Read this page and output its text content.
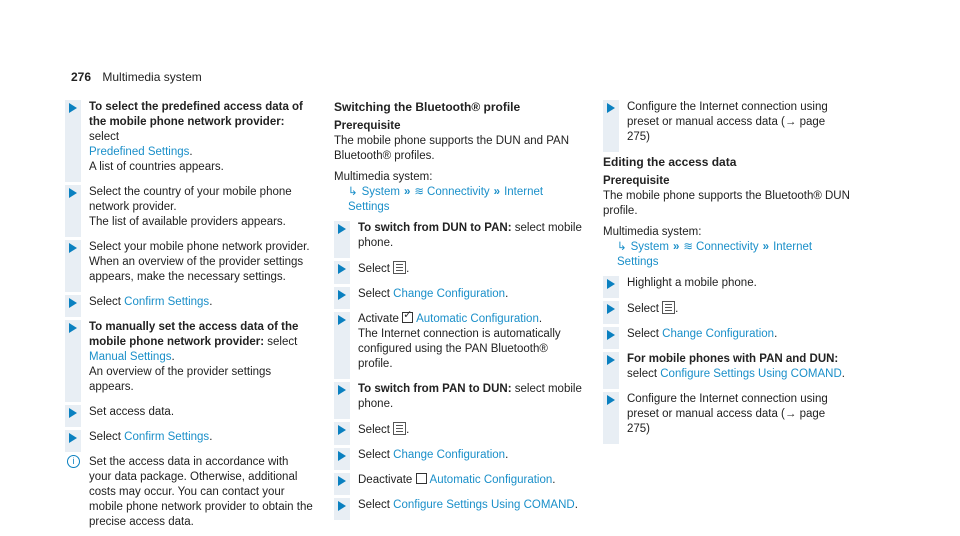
276 Multimedia system
To select the predefined access data of the mobile phone network provider: select
Predefined Settings.
A list of countries appears.
Select the country of your mobile phone network provider.
The list of available providers appears.
Select your mobile phone network provider. When an overview of the provider settings appears, make the necessary settings.
Select Confirm Settings.
To manually set the access data of the mobile phone network provider: select
Manual Settings.
An overview of the provider settings appears.
Set access data.
Select Confirm Settings.
i	Set the access data in accordance with your data package. Otherwise, additional costs may occur. You can contact your mobile phone network provider to obtain the precise access data.
Switching the Bluetooth® profile
Prerequisite
The mobile phone supports the DUN and PAN Bluetooth® profiles.
Multimedia system:
↳ System » ≋ Connectivity » Internet Settings
To switch from DUN to PAN: select mobile phone.
Select .
Select Change Configuration.
Activate ✓Automatic Configuration.
The Internet connection is automatically configured using the PAN Bluetooth® profile.
To switch from PAN to DUN: select mobile phone.
Select .
Select Change Configuration.
Deactivate Automatic Configuration.
Select Configure Settings Using COMAND.
Configure the Internet connection using preset or manual access data (→ page 275)
Editing the access data
Prerequisite
The mobile phone supports the Bluetooth® DUN profile.
Multimedia system:
↳ System » ≋ Connectivity » Internet Settings
Highlight a mobile phone.
Select .
Select Change Configuration.
For mobile phones with PAN and DUN:
select Configure Settings Using COMAND.
Configure the Internet connection using preset or manual access data (→ page 275)
